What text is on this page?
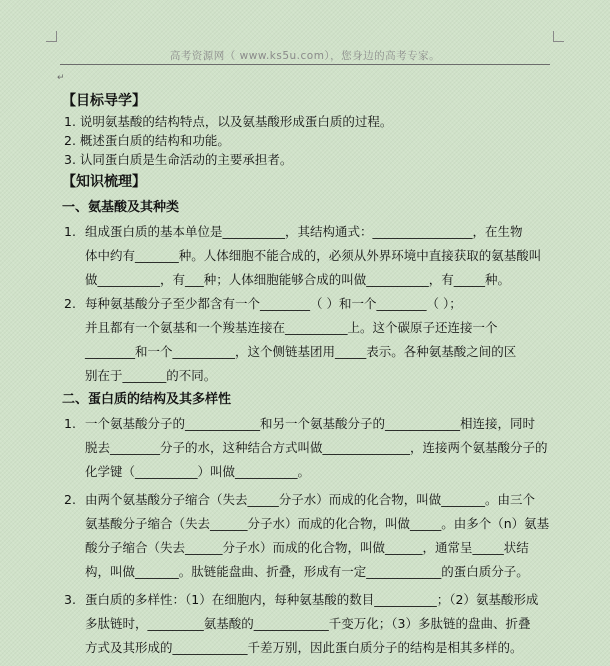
高考资源网（ www.ks5u.com），您身边的高考专家。
↵
【目标导学】
1. 说明氨基酸的结构特点，以及氨基酸形成蛋白质的过程。
2. 概述蛋白质的结构和功能。
3. 认同蛋白质是生命活动的主要承担者。
【知识梳理】
一、氨基酸及其种类
1. 组成蛋白质的基本单位是__________，其结构通式：________________，在生物
体中约有_______种。人体细胞不能合成的，必须从外界环境中直接获取的氨基酸叫
做__________，有___种；人体细胞能够合成的叫做__________，有_____种。
2. 每种氨基酸分子至少都含有一个________（ ）和一个________（ ）；
并且都有一个氨基和一个羧基连接在__________上。这个碳原子还连接一个
________和一个__________，这个侧链基团用_____表示。各种氨基酸之间的区
别在于_______的不同。
二、蛋白质的结构及其多样性
1. 一个氨基酸分子的____________和另一个氨基酸分子的____________相连接，同时
脱去________分子的水，这种结合方式叫做______________，连接两个氨基酸分子的
化学键（__________）叫做__________。
2. 由两个氨基酸分子缩合（失去_____分子水）而成的化合物，叫做_______。由三个
氨基酸分子缩合（失去______分子水）而成的化合物，叫做_____。由多个（n）氨基
酸分子缩合（失去______分子水）而成的化合物，叫做______，通常呈_____状结
构，叫做_______。肽链能盘曲、折叠，形成有一定____________的蛋白质分子。
3. 蛋白质的多样性：（1）在细胞内，每种氨基酸的数目__________；（2）氨基酸形成
多肽链时，_________氨基酸的____________千变万化；（3）多肽链的盘曲、折叠
方式及其形成的____________千差万别，因此蛋白质分子的结构是相其多样的。
